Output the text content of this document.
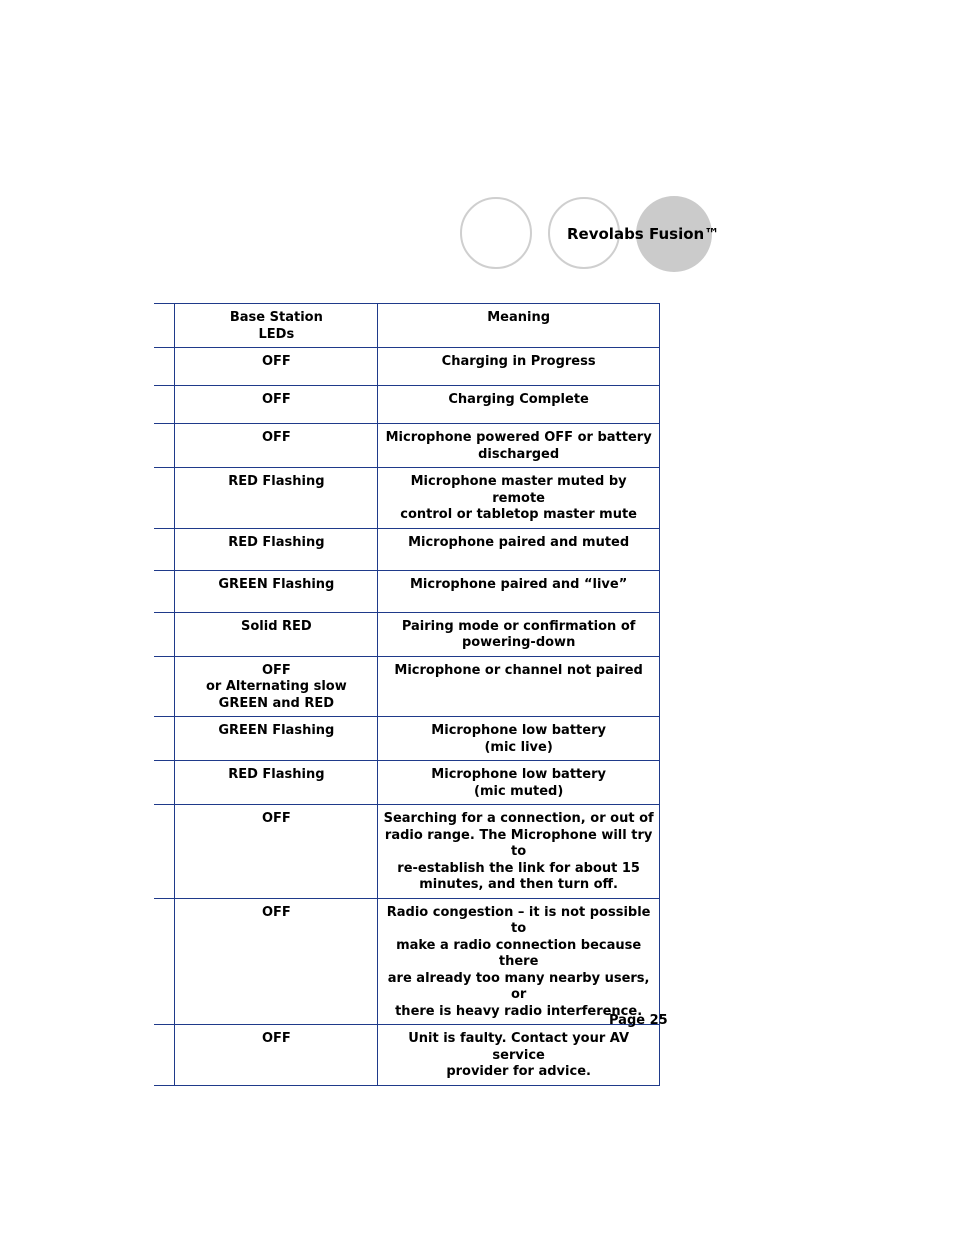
Revolabs Fusion™
	Base Station
LEDs	Meaning
	OFF	Charging in Progress
	OFF	Charging Complete
	OFF	Microphone powered OFF or battery
discharged
	RED Flashing	Microphone master muted by remote
control or tabletop master mute
	RED Flashing	Microphone paired and muted
	GREEN Flashing	Microphone paired and “live”
	Solid RED	Pairing mode or confirmation of
powering-down
	OFF
or Alternating slow
GREEN and RED	Microphone or channel not paired
	GREEN Flashing	Microphone low battery
(mic live)
	RED Flashing	Microphone low battery
(mic muted)
	OFF	Searching for a connection, or out of
radio range. The Microphone will try to
re-establish the link for about 15
minutes, and then turn off.
	OFF	Radio congestion – it is not possible to
make a radio connection because there
are already too many nearby users, or
there is heavy radio interference.
	OFF	Unit is faulty. Contact your AV service
provider for advice.
Page 25
